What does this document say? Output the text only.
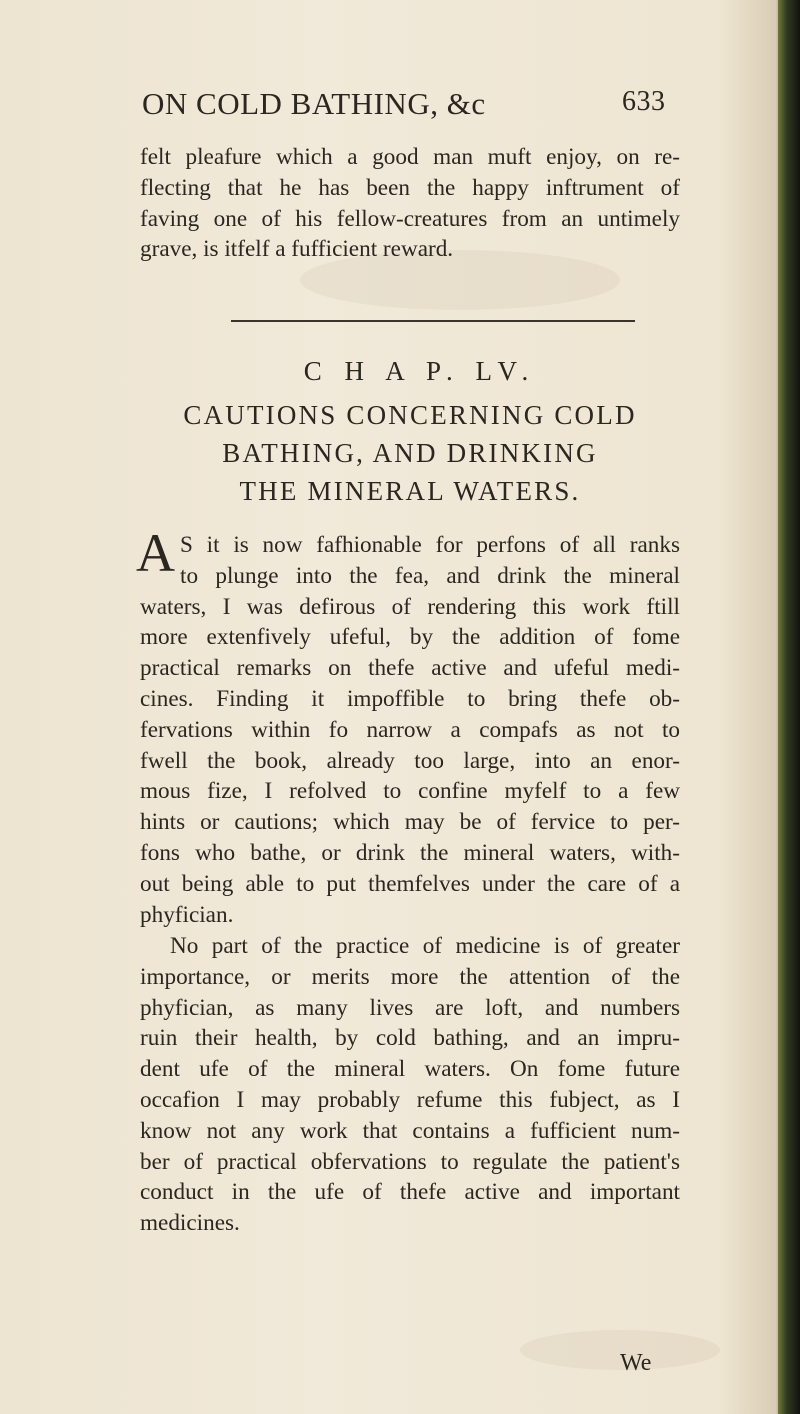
ON COLD BATHING, &c	633
felt pleafure which a good man muft enjoy, on re-
flecting that he has been the happy inftrument of
faving one of his fellow-creatures from an untimely
grave, is itfelf a fufficient reward.
C H A P. LV.
CAUTIONS CONCERNING COLD
BATHING, AND DRINKING
THE MINERAL WATERS.
A S it is now fafhionable for perfons of all ranks
to plunge into the fea, and drink the mineral
waters, I was defirous of rendering this work ftill
more extenfively ufeful, by the addition of fome
practical remarks on thefe active and ufeful medi-
cines. Finding it impoffible to bring thefe ob-
fervations within fo narrow a compafs as not to
fwell the book, already too large, into an enor-
mous fize, I refolved to confine myfelf to a few
hints or cautions; which may be of fervice to per-
fons who bathe, or drink the mineral waters, with-
out being able to put themfelves under the care of a
phyfician.
No part of the practice of medicine is of greater
importance, or merits more the attention of the
phyfician, as many lives are loft, and numbers
ruin their health, by cold bathing, and an impru-
dent ufe of the mineral waters. On fome future
occafion I may probably refume this fubject, as I
know not any work that contains a fufficient num-
ber of practical obfervations to regulate the patient's
conduct in the ufe of thefe active and important
medicines.
We
